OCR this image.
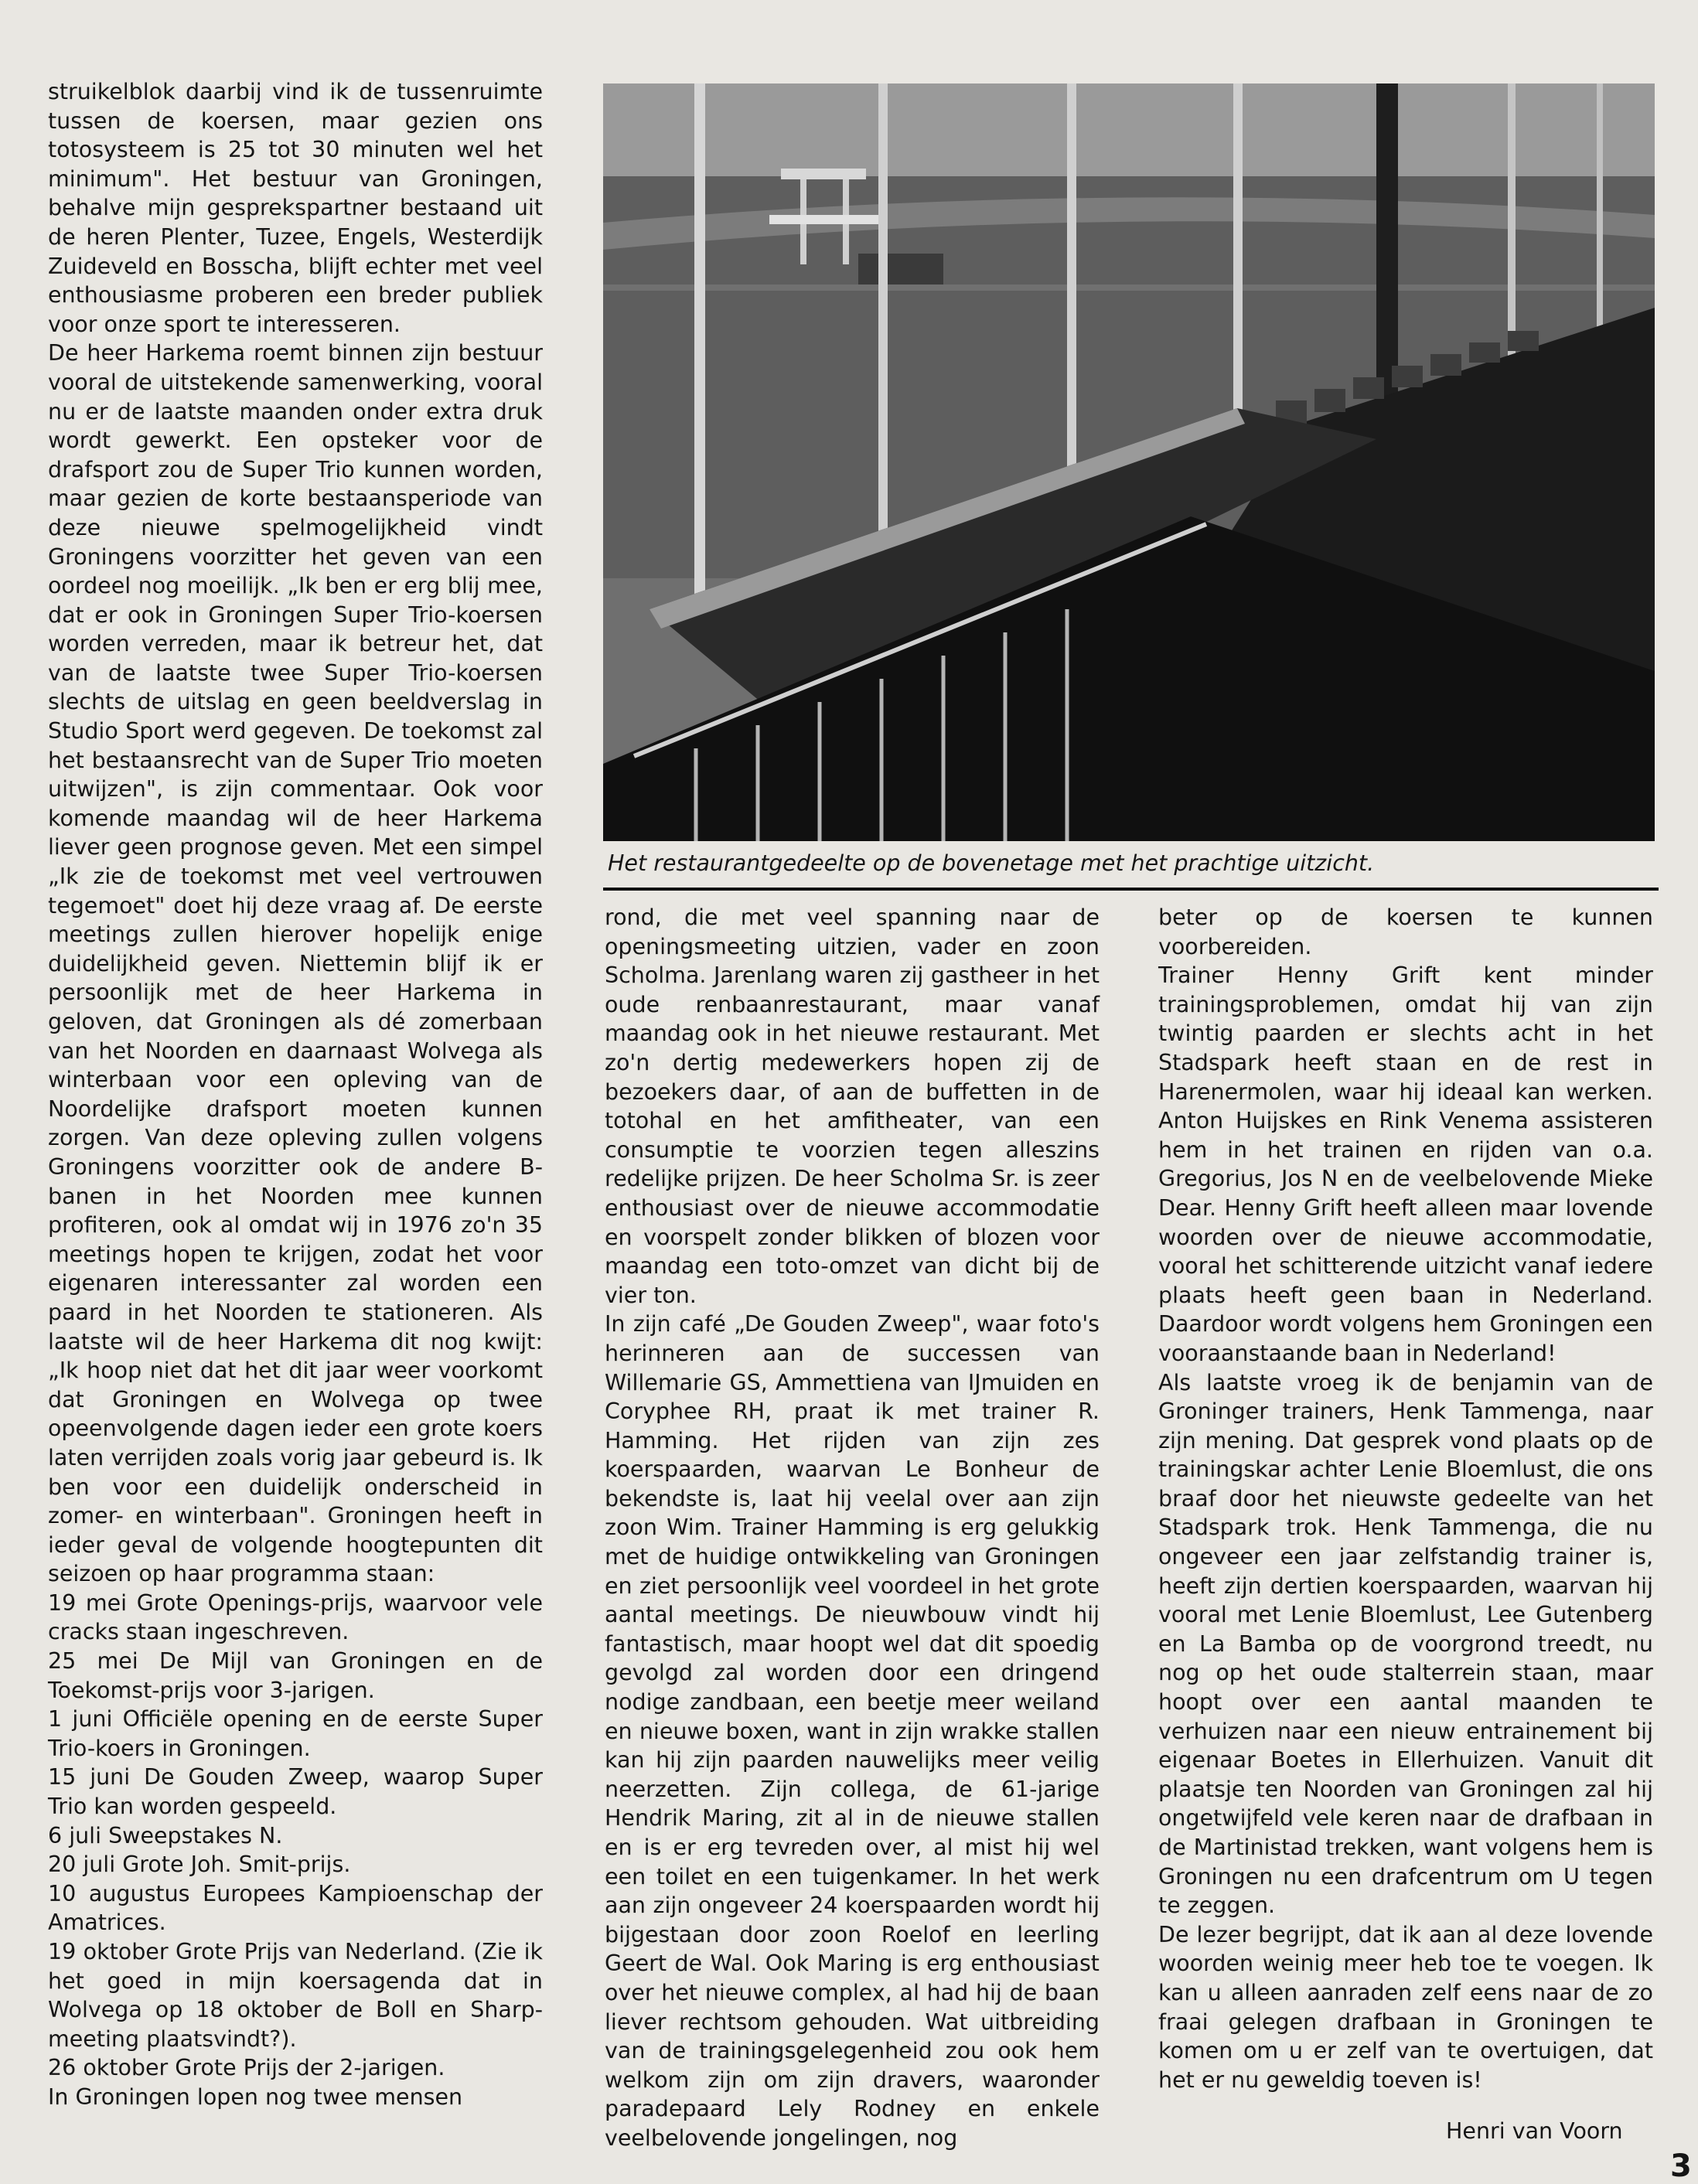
struikelblok daarbij vind ik de tussenruimte tussen de koersen, maar gezien ons totosysteem is 25 tot 30 minuten wel het minimum". Het bestuur van Groningen, behalve mijn gesprekspartner bestaand uit de heren Plenter, Tuzee, Engels, Westerdijk Zuideveld en Bosscha, blijft echter met veel enthousiasme proberen een breder publiek voor onze sport te interesseren.

De heer Harkema roemt binnen zijn bestuur vooral de uitstekende samenwerking, vooral nu er de laatste maanden onder extra druk wordt gewerkt. Een opsteker voor de drafsport zou de Super Trio kunnen worden, maar gezien de korte bestaansperiode van deze nieuwe spelmogelijkheid vindt Groningens voorzitter het geven van een oordeel nog moeilijk. „Ik ben er erg blij mee, dat er ook in Groningen Super Trio-koersen worden verreden, maar ik betreur het, dat van de laatste twee Super Trio-koersen slechts de uitslag en geen beeldverslag in Studio Sport werd gegeven. De toekomst zal het bestaansrecht van de Super Trio moeten uitwijzen", is zijn commentaar. Ook voor komende maandag wil de heer Harkema liever geen prognose geven. Met een simpel „Ik zie de toekomst met veel vertrouwen tegemoet" doet hij deze vraag af. De eerste meetings zullen hierover hopelijk enige duidelijkheid geven. Niettemin blijf ik er persoonlijk met de heer Harkema in geloven, dat Groningen als dé zomerbaan van het Noorden en daarnaast Wolvega als winterbaan voor een opleving van de Noordelijke drafsport moeten kunnen zorgen. Van deze opleving zullen volgens Groningens voorzitter ook de andere B-banen in het Noorden mee kunnen profiteren, ook al omdat wij in 1976 zo'n 35 meetings hopen te krijgen, zodat het voor eigenaren interessanter zal worden een paard in het Noorden te stationeren. Als laatste wil de heer Harkema dit nog kwijt: „Ik hoop niet dat het dit jaar weer voorkomt dat Groningen en Wolvega op twee opeenvolgende dagen ieder een grote koers laten verrijden zoals vorig jaar gebeurd is. Ik ben voor een duidelijk onderscheid in zomer- en winterbaan". Groningen heeft in ieder geval de volgende hoogtepunten dit seizoen op haar programma staan:

19 mei Grote Openings-prijs, waarvoor vele cracks staan ingeschreven.

25 mei De Mijl van Groningen en de Toekomst-prijs voor 3-jarigen.

1 juni Officiële opening en de eerste Super Trio-koers in Groningen.

15 juni De Gouden Zweep, waarop Super Trio kan worden gespeeld.

6 juli Sweepstakes N.

20 juli Grote Joh. Smit-prijs.

10 augustus Europees Kampioenschap der Amatrices.

19 oktober Grote Prijs van Nederland. (Zie ik het goed in mijn koersagenda dat in Wolvega op 18 oktober de Boll en Sharp-meeting plaatsvindt?).

26 oktober Grote Prijs der 2-jarigen.

In Groningen lopen nog twee mensen

Het restaurantgedeelte op de bovenetage met het prachtige uitzicht.

rond, die met veel spanning naar de openingsmeeting uitzien, vader en zoon Scholma. Jarenlang waren zij gastheer in het oude renbaanrestaurant, maar vanaf maandag ook in het nieuwe restaurant. Met zo'n dertig medewerkers hopen zij de bezoekers daar, of aan de buffetten in de totohal en het amfitheater, van een consumptie te voorzien tegen alleszins redelijke prijzen. De heer Scholma Sr. is zeer enthousiast over de nieuwe accommodatie en voorspelt zonder blikken of blozen voor maandag een toto-omzet van dicht bij de vier ton.

In zijn café „De Gouden Zweep", waar foto's herinneren aan de successen van Willemarie GS, Ammettiena van IJmuiden en Coryphee RH, praat ik met trainer R. Hamming. Het rijden van zijn zes koerspaarden, waarvan Le Bonheur de bekendste is, laat hij veelal over aan zijn zoon Wim. Trainer Hamming is erg gelukkig met de huidige ontwikkeling van Groningen en ziet persoonlijk veel voordeel in het grote aantal meetings. De nieuwbouw vindt hij fantastisch, maar hoopt wel dat dit spoedig gevolgd zal worden door een dringend nodige zandbaan, een beetje meer weiland en nieuwe boxen, want in zijn wrakke stallen kan hij zijn paarden nauwelijks meer veilig neerzetten. Zijn collega, de 61-jarige Hendrik Maring, zit al in de nieuwe stallen en is er erg tevreden over, al mist hij wel een toilet en een tuigenkamer. In het werk aan zijn ongeveer 24 koerspaarden wordt hij bijgestaan door zoon Roelof en leerling Geert de Wal. Ook Maring is erg enthousiast over het nieuwe complex, al had hij de baan liever rechtsom gehouden. Wat uitbreiding van de trainingsgelegenheid zou ook hem welkom zijn om zijn dravers, waaronder paradepaard Lely Rodney en enkele veelbelovende jongelingen, nog

beter op de koersen te kunnen voorbereiden.

Trainer Henny Grift kent minder trainingsproblemen, omdat hij van zijn twintig paarden er slechts acht in het Stadspark heeft staan en de rest in Harenermolen, waar hij ideaal kan werken. Anton Huijskes en Rink Venema assisteren hem in het trainen en rijden van o.a. Gregorius, Jos N en de veelbelovende Mieke Dear. Henny Grift heeft alleen maar lovende woorden over de nieuwe accommodatie, vooral het schitterende uitzicht vanaf iedere plaats heeft geen baan in Nederland. Daardoor wordt volgens hem Groningen een vooraanstaande baan in Nederland!

Als laatste vroeg ik de benjamin van de Groninger trainers, Henk Tammenga, naar zijn mening. Dat gesprek vond plaats op de trainingskar achter Lenie Bloemlust, die ons braaf door het nieuwste gedeelte van het Stadspark trok. Henk Tammenga, die nu ongeveer een jaar zelfstandig trainer is, heeft zijn dertien koerspaarden, waarvan hij vooral met Lenie Bloemlust, Lee Gutenberg en La Bamba op de voorgrond treedt, nu nog op het oude stalterrein staan, maar hoopt over een aantal maanden te verhuizen naar een nieuw entrainement bij eigenaar Boetes in Ellerhuizen. Vanuit dit plaatsje ten Noorden van Groningen zal hij ongetwijfeld vele keren naar de drafbaan in de Martinistad trekken, want volgens hem is Groningen nu een drafcentrum om U tegen te zeggen.

De lezer begrijpt, dat ik aan al deze lovende woorden weinig meer heb toe te voegen. Ik kan u alleen aanraden zelf eens naar de zo fraai gelegen drafbaan in Groningen te komen om u er zelf van te overtuigen, dat het er nu geweldig toeven is!

Henri van Voorn
3
